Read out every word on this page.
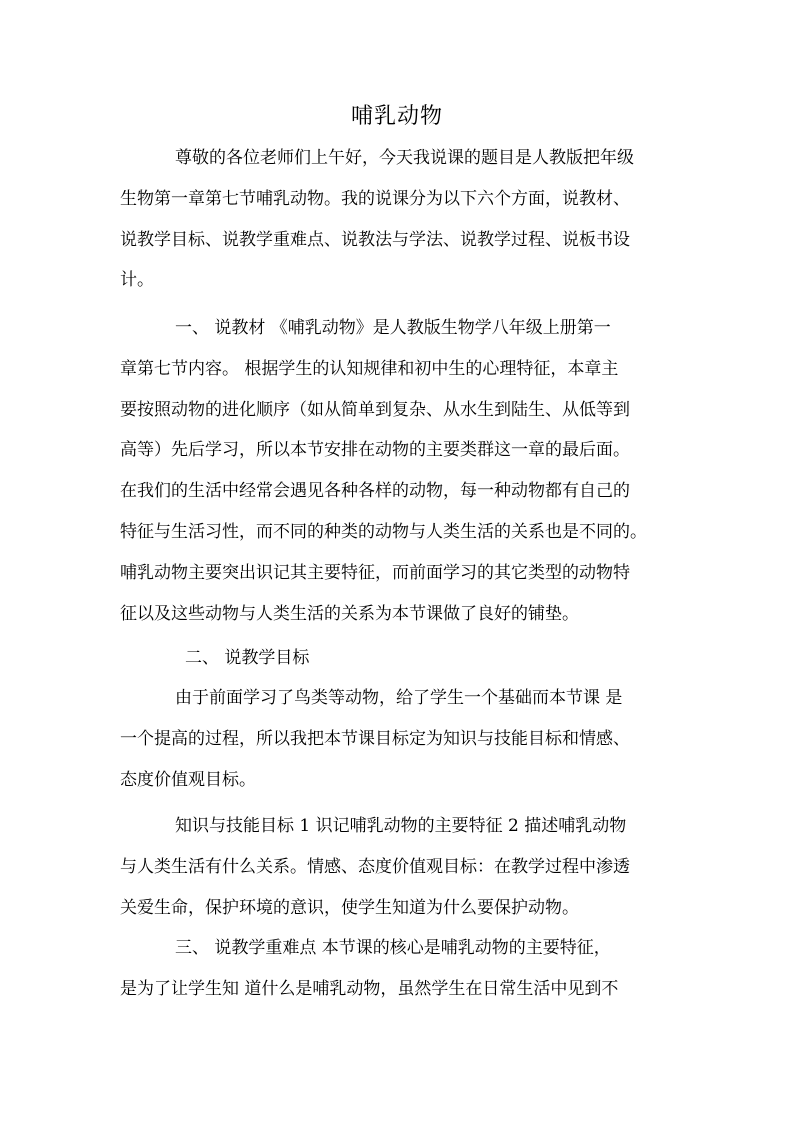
哺乳动物
尊敬的各位老师们上午好，今天我说课的题目是人教版把年级
生物第一章第七节哺乳动物。我的说课分为以下六个方面，说教材、
说教学目标、说教学重难点、说教法与学法、说教学过程、说板书设
计。
一、 说教材 《哺乳动物》是人教版生物学八年级上册第一
章第七节内容。 根据学生的认知规律和初中生的心理特征，本章主
要按照动物的进化顺序（如从简单到复杂、从水生到陆生、从低等到
高等）先后学习，所以本节安排在动物的主要类群这一章的最后面。
在我们的生活中经常会遇见各种各样的动物，每一种动物都有自己的
特征与生活习性，而不同的种类的动物与人类生活的关系也是不同的。
哺乳动物主要突出识记其主要特征，而前面学习的其它类型的动物特
征以及这些动物与人类生活的关系为本节课做了良好的铺垫。
二、 说教学目标
由于前面学习了鸟类等动物，给了学生一个基础而本节课 是
一个提高的过程，所以我把本节课目标定为知识与技能目标和情感、
态度价值观目标。
知识与技能目标 1 识记哺乳动物的主要特征 2 描述哺乳动物
与人类生活有什么关系。情感、态度价值观目标：在教学过程中渗透
关爱生命，保护环境的意识，使学生知道为什么要保护动物。
三、 说教学重难点 本节课的核心是哺乳动物的主要特征，
是为了让学生知 道什么是哺乳动物，虽然学生在日常生活中见到不
